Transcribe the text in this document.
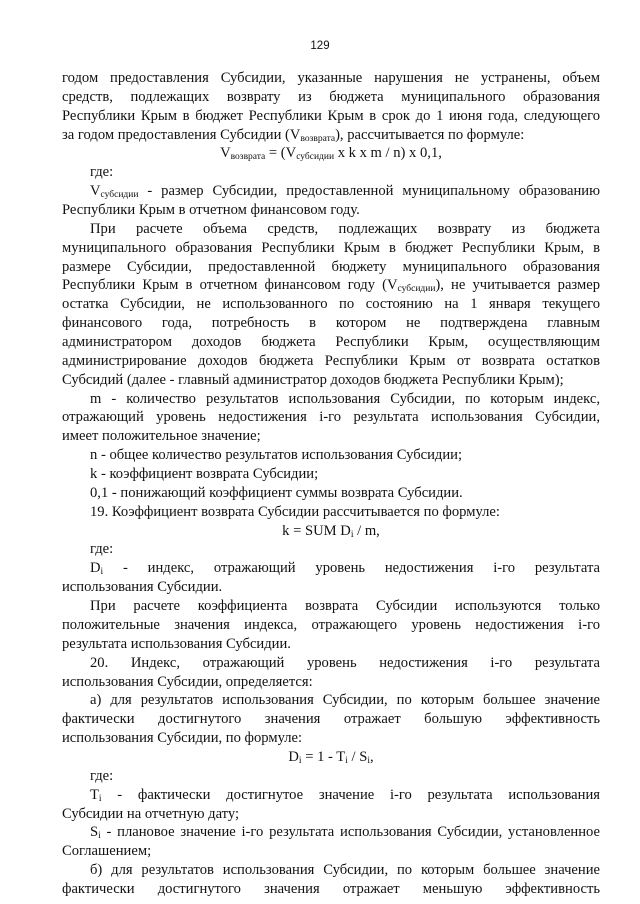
129
годом предоставления Субсидии, указанные нарушения не устранены, объем
средств, подлежащих возврату из бюджета муниципального образования
Республики Крым в бюджет Республики Крым в срок до 1 июня года, следующего
за годом предоставления Субсидии $(V_{возврата})$, рассчитывается по формуле:
$V_{возврата} = (V_{субсидии}$ x k x m / n) x 0,1,
где:
$V_{субсидии}$ - размер Субсидии, предоставленной муниципальному образованию
Республики Крым в отчетном финансовом году.
При расчете объема средств, подлежащих возврату из бюджета
муниципального образования Республики Крым в бюджет Республики Крым, в
размере Субсидии, предоставленной бюджету муниципального образования
Республики Крым в отчетном финансовом году $(V_{субсидии})$, не учитывается размер
остатка Субсидии, не использованного по состоянию на 1 января текущего
финансового года, потребность в котором не подтверждена главным
администратором доходов бюджета Республики Крым, осуществляющим
администрирование доходов бюджета Республики Крым от возврата остатков
Субсидий (далее - главный администратор доходов бюджета Республики Крым);
m - количество результатов использования Субсидии, по которым индекс,
отражающий уровень недостижения i-го результата использования Субсидии,
имеет положительное значение;
n - общее количество результатов использования Субсидии;
k - коэффициент возврата Субсидии;
0,1 - понижающий коэффициент суммы возврата Субсидии.
19. Коэффициент возврата Субсидии рассчитывается по формуле:
k = SUM $D_i$ / m,
где:
$D_i$ - индекс, отражающий уровень недостижения i-го результата
использования Субсидии.
При расчете коэффициента возврата Субсидии используются только
положительные значения индекса, отражающего уровень недостижения i-го
результата использования Субсидии.
20. Индекс, отражающий уровень недостижения i-го результата
использования Субсидии, определяется:
а) для результатов использования Субсидии, по которым большее значение
фактически достигнутого значения отражает большую эффективность
использования Субсидии, по формуле:
$D_i = 1 - T_i / S_i$,
где:
$T_i$ - фактически достигнутое значение i-го результата использования
Субсидии на отчетную дату;
$S_i$ - плановое значение i-го результата использования Субсидии, установленное
Соглашением;
б) для результатов использования Субсидии, по которым большее значение
фактически достигнутого значения отражает меньшую эффективность
